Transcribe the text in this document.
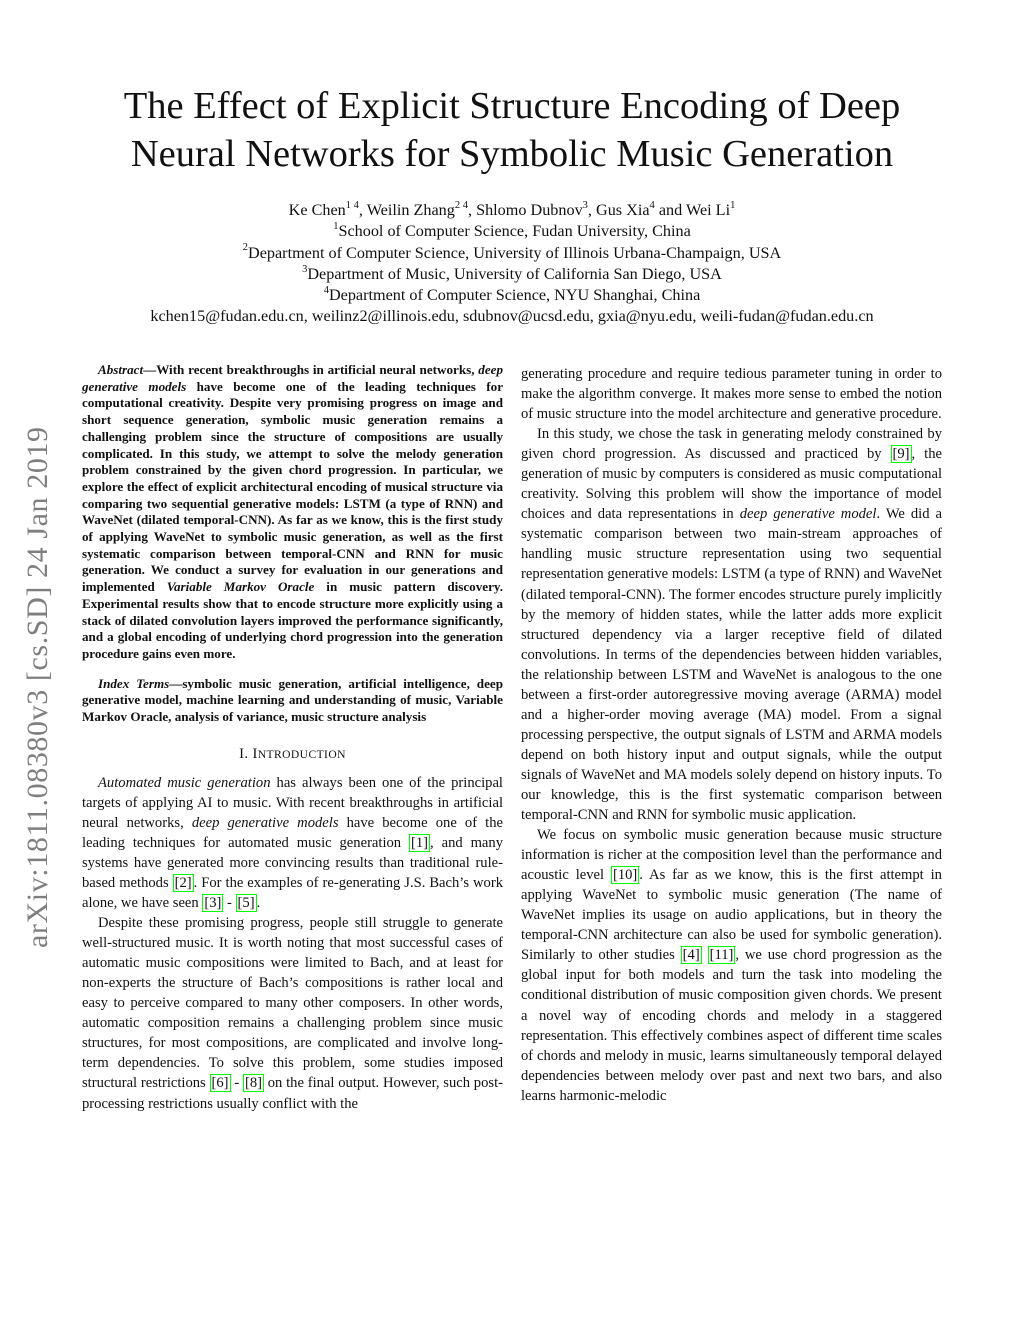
arXiv:1811.08380v3 [cs.SD] 24 Jan 2019
The Effect of Explicit Structure Encoding of Deep
Neural Networks for Symbolic Music Generation
Ke Chen$^{1 4}$, Weilin Zhang$^{2 4}$, Shlomo Dubnov$^3$, Gus Xia$^4$ and Wei Li$^1$
$^1$School of Computer Science, Fudan University, China
$^2$Department of Computer Science, University of Illinois Urbana-Champaign, USA
$^3$Department of Music, University of California San Diego, USA
$^4$Department of Computer Science, NYU Shanghai, China
kchen15@fudan.edu.cn, weilinz2@illinois.edu, sdubnov@ucsd.edu, gxia@nyu.edu, weili-fudan@fudan.edu.cn

Abstract—With recent breakthroughs in artificial neural networks, deep generative models have become one of the leading techniques for computational creativity. Despite very promising progress on image and short sequence generation, symbolic music generation remains a challenging problem since the structure of compositions are usually complicated. In this study, we attempt to solve the melody generation problem constrained by the given chord progression. In particular, we explore the effect of explicit architectural encoding of musical structure via comparing two sequential generative models: LSTM (a type of RNN) and WaveNet (dilated temporal-CNN). As far as we know, this is the first study of applying WaveNet to symbolic music generation, as well as the first systematic comparison between temporal-CNN and RNN for music generation. We conduct a survey for evaluation in our generations and implemented Variable Markov Oracle in music pattern discovery. Experimental results show that to encode structure more explicitly using a stack of dilated convolution layers improved the performance significantly, and a global encoding of underlying chord progression into the generation procedure gains even more.

Index Terms—symbolic music generation, artificial intelligence, deep generative model, machine learning and understanding of music, Variable Markov Oracle, analysis of variance, music structure analysis

I. INTRODUCTION

Automated music generation has always been one of the principal targets of applying AI to music. With recent breakthroughs in artificial neural networks, deep generative models have become one of the leading techniques for automated music generation [1] , and many systems have generated more convincing results than traditional rule-based methods [2] . For the examples of re-generating J.S. Bach’s work alone, we have seen [3] - [5] .

Despite these promising progress, people still struggle to generate well-structured music. It is worth noting that most successful cases of automatic music compositions were limited to Bach, and at least for non-experts the structure of Bach’s compositions is rather local and easy to perceive compared to many other composers. In other words, automatic composition remains a challenging problem since music structures, for most compositions, are complicated and involve long-term dependencies. To solve this problem, some studies imposed structural restrictions [6] - [8] on the final output. However, such post-processing restrictions usually conflict with the

generating procedure and require tedious parameter tuning in order to make the algorithm converge. It makes more sense to embed the notion of music structure into the model architecture and generative procedure.

In this study, we chose the task in generating melody constrained by given chord progression. As discussed and practiced by [9] , the generation of music by computers is considered as music computational creativity. Solving this problem will show the importance of model choices and data representations in deep generative model. We did a systematic comparison between two main-stream approaches of handling music structure representation using two sequential representation generative models: LSTM (a type of RNN) and WaveNet (dilated temporal-CNN). The former encodes structure purely implicitly by the memory of hidden states, while the latter adds more explicit structured dependency via a larger receptive field of dilated convolutions. In terms of the dependencies between hidden variables, the relationship between LSTM and WaveNet is analogous to the one between a first-order autoregressive moving average (ARMA) model and a higher-order moving average (MA) model. From a signal processing perspective, the output signals of LSTM and ARMA models depend on both history input and output signals, while the output signals of WaveNet and MA models solely depend on history inputs. To our knowledge, this is the first systematic comparison between temporal-CNN and RNN for symbolic music application.

We focus on symbolic music generation because music structure information is richer at the composition level than the performance and acoustic level [10] . As far as we know, this is the first attempt in applying WaveNet to symbolic music generation (The name of WaveNet implies its usage on audio applications, but in theory the temporal-CNN architecture can also be used for symbolic generation). Similarly to other studies [4] [11] , we use chord progression as the global input for both models and turn the task into modeling the conditional distribution of music composition given chords. We present a novel way of encoding chords and melody in a staggered representation. This effectively combines aspect of different time scales of chords and melody in music, learns simultaneously temporal delayed dependencies between melody over past and next two bars, and also learns harmonic-melodic
